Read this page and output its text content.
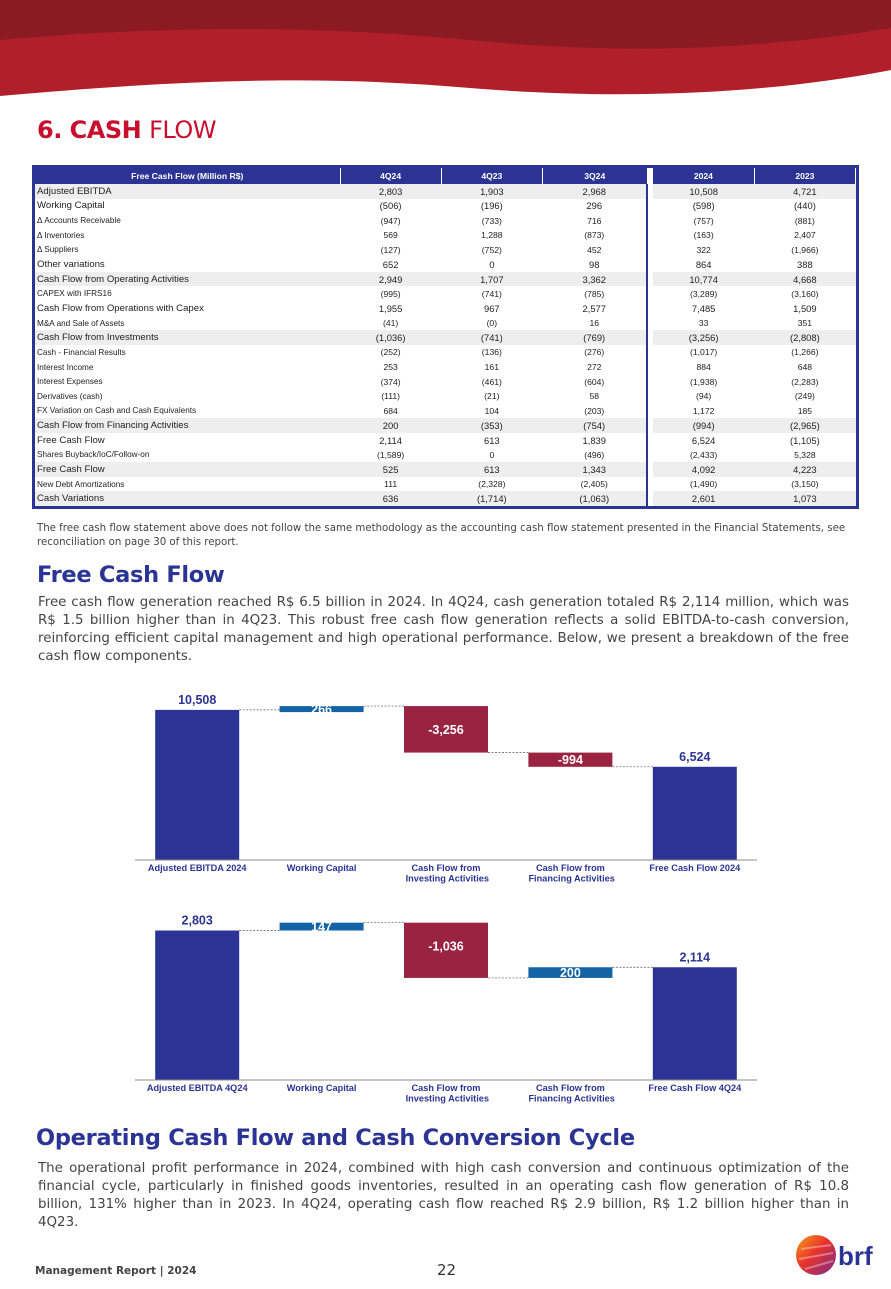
6. CASH FLOW
Free Cash Flow (Million R$)	4Q24	4Q23	3Q24		2024	2023
Adjusted EBITDA	2,803	1,903	2,968		10,508	4,721
Working Capital	(506)	(196)	296		(598)	(440)
Δ Accounts Receivable	(947)	(733)	716		(757)	(881)
Δ Inventories	569	1,288	(873)		(163)	2,407
Δ Suppliers	(127)	(752)	452		322	(1,966)
Other variations	652	0	98		864	388
Cash Flow from Operating Activities	2,949	1,707	3,362		10,774	4,668
CAPEX with IFRS16	(995)	(741)	(785)		(3,289)	(3,160)
Cash Flow from Operations with Capex	1,955	967	2,577		7,485	1,509
M&A and Sale of Assets	(41)	(0)	16		33	351
Cash Flow from Investments	(1,036)	(741)	(769)		(3,256)	(2,808)
Cash - Financial Results	(252)	(136)	(276)		(1,017)	(1,266)
Interest Income	253	161	272		884	648
Interest Expenses	(374)	(461)	(604)		(1,938)	(2,283)
Derivatives (cash)	(111)	(21)	58		(94)	(249)
FX Variation on Cash and Cash Equivalents	684	104	(203)		1,172	185
Cash Flow from Financing Activities	200	(353)	(754)		(994)	(2,965)
Free Cash Flow	2,114	613	1,839		6,524	(1,105)
Shares Buyback/IoC/Follow-on	(1,589)	0	(496)		(2,433)	5,328
Free Cash Flow	525	613	1,343		4,092	4,223
New Debt Amortizations	111	(2,328)	(2,405)		(1,490)	(3,150)
Cash Variations	636	(1,714)	(1,063)		2,601	1,073
The free cash flow statement above does not follow the same methodology as the accounting cash flow statement presented in the Financial Statements, see reconciliation on page 30 of this report.
Free Cash Flow
Free cash flow generation reached R$ 6.5 billion in 2024. In 4Q24, cash generation totaled R$ 2,114 million, which was R$ 1.5 billion higher than in 4Q23. This robust free cash flow generation reflects a solid EBITDA-to-cash conversion, reinforcing efficient capital management and high operational performance. Below, we present a breakdown of the free cash flow components.
10,508
266
-3,256
-994	6,524
Adjusted EBITDA 2024	Working Capital	Cash Flow from Investing Activities
Cash Flow from Financing Activities
Free Cash Flow 2024
2,803	147
-1,036
200
2,114
Adjusted EBITDA 4Q24	Working Capital	Cash Flow from Investing Activities
Cash Flow from Financing Activities
Free Cash Flow 4Q24
Operating Cash Flow and Cash Conversion Cycle
The operational profit performance in 2024, combined with high cash conversion and continuous optimization of the financial cycle, particularly in finished goods inventories, resulted in an operating cash flow generation of R$ 10.8 billion, 131% higher than in 2023. In 4Q24, operating cash flow reached R$ 2.9 billion, R$ 1.2 billion higher than in 4Q23.
Management Report | 2024	22	brf
